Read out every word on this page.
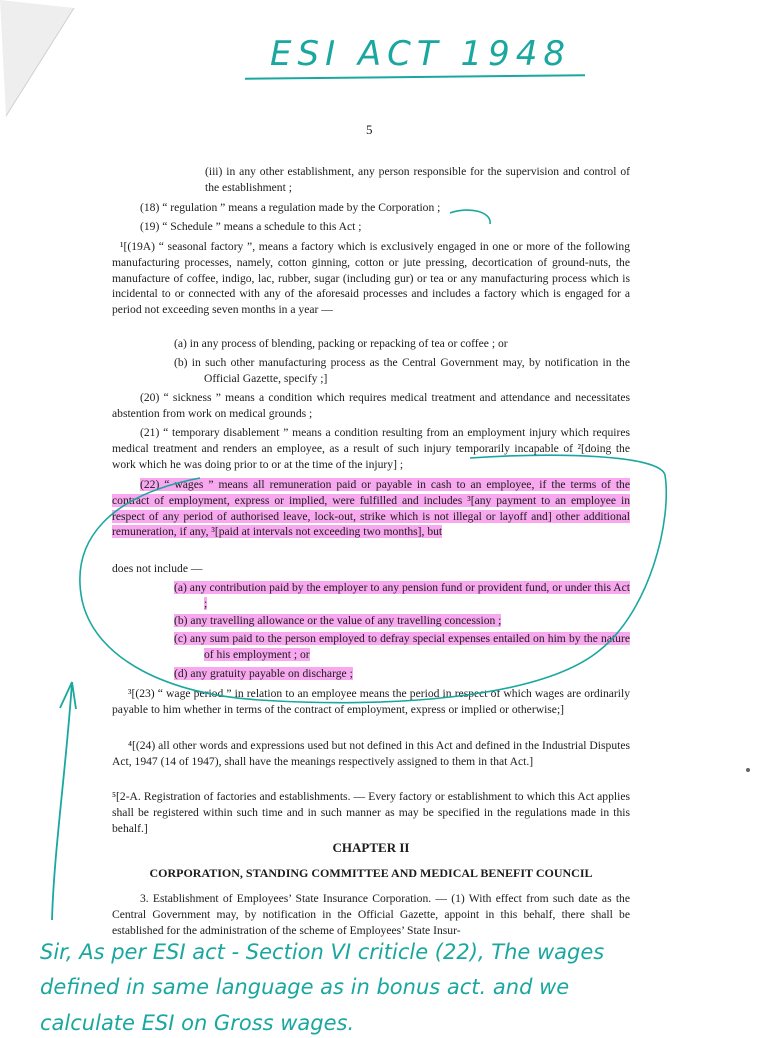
ESI ACT 1948
5
(iii) in any other establishment, any person responsible for the supervision and control of the establishment ;
(18) “ regulation ” means a regulation made by the Corporation ;
(19) “ Schedule ” means a schedule to this Act ;
¹[(19A) “ seasonal factory ”, means a factory which is exclusively engaged in one or more of the following manufacturing processes, namely, cotton ginning, cotton or jute pressing, decortication of ground-nuts, the manufacture of coffee, indigo, lac, rubber, sugar (including gur) or tea or any manufacturing process which is incidental to or connected with any of the aforesaid processes and includes a factory which is engaged for a period not exceeding seven months in a year —
(a) in any process of blending, packing or repacking of tea or coffee ; or
(b) in such other manufacturing process as the Central Government may, by notification in the Official Gazette, specify ;]
(20) “ sickness ” means a condition which requires medical treatment and attendance and necessitates abstention from work on medical grounds ;
(21) “ temporary disablement ” means a condition resulting from an employment injury which requires medical treatment and renders an employee, as a result of such injury temporarily incapable of ²[doing the work which he was doing prior to or at the time of the injury] ;
(22) “ wages ” means all remuneration paid or payable in cash to an employee, if the terms of the contract of employment, express or implied, were fulfilled and includes ³[any payment to an employee in respect of any period of authorised leave, lock-out, strike which is not illegal or layoff and] other additional remuneration, if any, ³[paid at intervals not exceeding two months], but
does not include —
(a) any contribution paid by the employer to any pension fund or provident fund, or under this Act ;
(b) any travelling allowance or the value of any travelling concession ;
(c) any sum paid to the person employed to defray special expenses entailed on him by the nature of his employment ; or
(d) any gratuity payable on discharge ;
³[(23) “ wage period ” in relation to an employee means the period in respect of which wages are ordinarily payable to him whether in terms of the contract of employment, express or implied or otherwise;]
⁴[(24) all other words and expressions used but not defined in this Act and defined in the Industrial Disputes Act, 1947 (14 of 1947), shall have the meanings respectively assigned to them in that Act.]
⁵[2-A. Registration of factories and establishments. — Every factory or establishment to which this Act applies shall be registered within such time and in such manner as may be specified in the regulations made in this behalf.]
CHAPTER II
CORPORATION, STANDING COMMITTEE AND MEDICAL BENEFIT COUNCIL
3. Establishment of Employees’ State Insurance Corporation. — (1) With effect from such date as the Central Government may, by notification in the Official Gazette, appoint in this behalf, there shall be established for the administration of the scheme of Employees’ State Insur-
Sir, As per ESI act - Section VI criticle (22), The wages
defined in same language as in bonus act. and we
calculate ESI on Gross wages.
